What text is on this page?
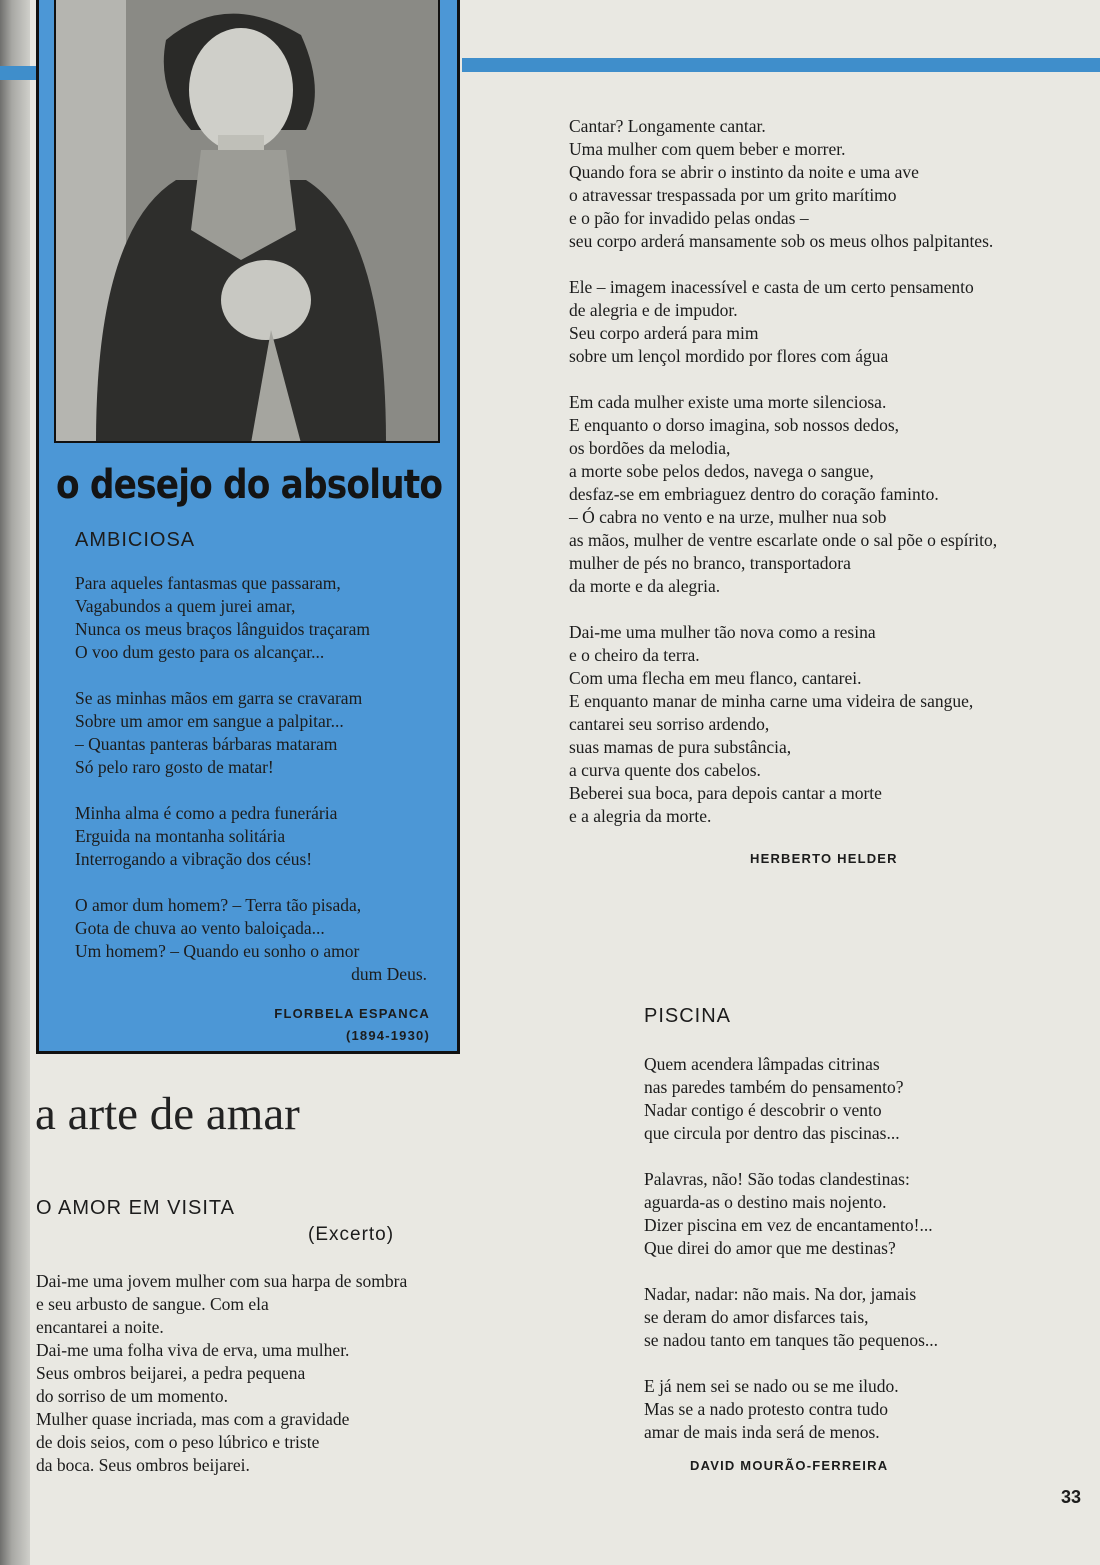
o desejo do absoluto
AMBICIOSA
Para aqueles fantasmas que passaram,
Vagabundos a quem jurei amar,
Nunca os meus braços lânguidos traçaram
O voo dum gesto para os alcançar...
Se as minhas mãos em garra se cravaram
Sobre um amor em sangue a palpitar...
– Quantas panteras bárbaras mataram
Só pelo raro gosto de matar!
Minha alma é como a pedra funerária
Erguida na montanha solitária
Interrogando a vibração dos céus!
O amor dum homem? – Terra tão pisada,
Gota de chuva ao vento baloiçada...
Um homem? – Quando eu sonho o amor
dum Deus.
FLORBELA ESPANCA
(1894-1930)
a arte de amar
O AMOR EM VISITA
(Excerto)
Dai-me uma jovem mulher com sua harpa de sombra
e seu arbusto de sangue. Com ela
encantarei a noite.
Dai-me uma folha viva de erva, uma mulher.
Seus ombros beijarei, a pedra pequena
do sorriso de um momento.
Mulher quase incriada, mas com a gravidade
de dois seios, com o peso lúbrico e triste
da boca. Seus ombros beijarei.
Cantar? Longamente cantar.
Uma mulher com quem beber e morrer.
Quando fora se abrir o instinto da noite e uma ave
o atravessar trespassada por um grito marítimo
e o pão for invadido pelas ondas –
seu corpo arderá mansamente sob os meus olhos palpitantes.
Ele – imagem inacessível e casta de um certo pensamento
de alegria e de impudor.
Seu corpo arderá para mim
sobre um lençol mordido por flores com água
Em cada mulher existe uma morte silenciosa.
E enquanto o dorso imagina, sob nossos dedos,
os bordões da melodia,
a morte sobe pelos dedos, navega o sangue,
desfaz-se em embriaguez dentro do coração faminto.
– Ó cabra no vento e na urze, mulher nua sob
as mãos, mulher de ventre escarlate onde o sal põe o espírito,
mulher de pés no branco, transportadora
da morte e da alegria.
Dai-me uma mulher tão nova como a resina
e o cheiro da terra.
Com uma flecha em meu flanco, cantarei.
E enquanto manar de minha carne uma videira de sangue,
cantarei seu sorriso ardendo,
suas mamas de pura substância,
a curva quente dos cabelos.
Beberei sua boca, para depois cantar a morte
e a alegria da morte.
HERBERTO HELDER
PISCINA
Quem acendera lâmpadas citrinas
nas paredes também do pensamento?
Nadar contigo é descobrir o vento
que circula por dentro das piscinas...
Palavras, não! São todas clandestinas:
aguarda-as o destino mais nojento.
Dizer piscina em vez de encantamento!...
Que direi do amor que me destinas?
Nadar, nadar: não mais. Na dor, jamais
se deram do amor disfarces tais,
se nadou tanto em tanques tão pequenos...
E já nem sei se nado ou se me iludo.
Mas se a nado protesto contra tudo
amar de mais inda será de menos.
DAVID MOURÃO-FERREIRA
33
